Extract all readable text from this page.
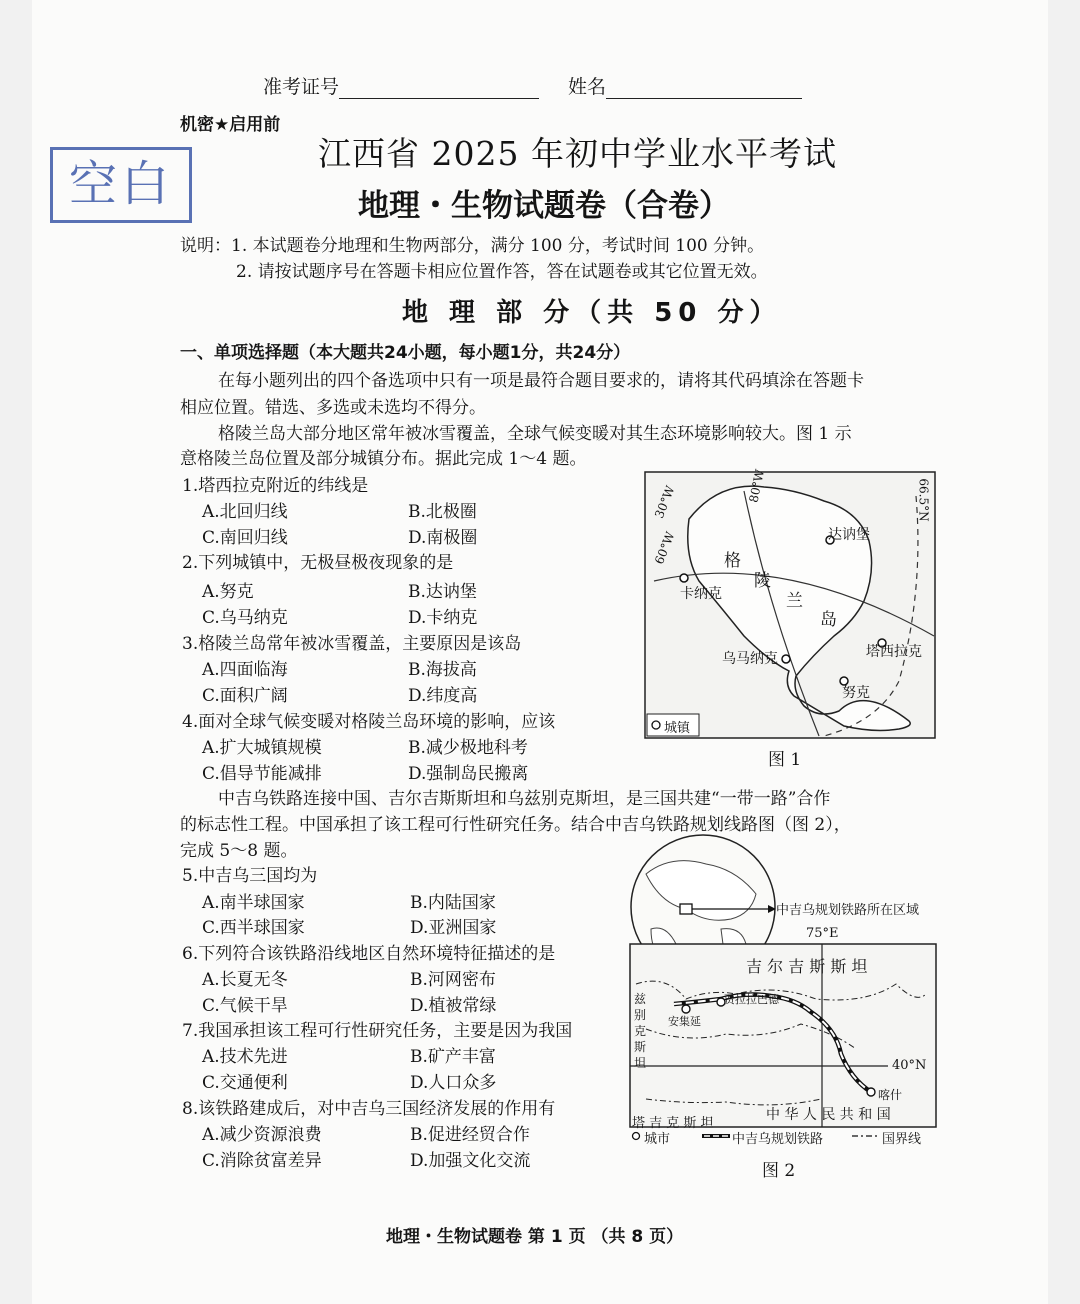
准考证号	姓名
机密★启用前
空白
江西省 2025 年初中学业水平考试
地理・生物试题卷（合卷）
说明：1. 本试题卷分地理和生物两部分，满分 100 分，考试时间 100 分钟。
2. 请按试题序号在答题卡相应位置作答，答在试题卷或其它位置无效。
地 理 部 分（共 50 分）
一、单项选择题（本大题共24小题，每小题1分，共24分）
在每小题列出的四个备选项中只有一项是最符合题目要求的，请将其代码填涂在答题卡
相应位置。错选、多选或未选均不得分。
格陵兰岛大部分地区常年被冰雪覆盖，全球气候变暖对其生态环境影响较大。图 1 示
意格陵兰岛位置及部分城镇分布。据此完成 1～4 题。
1.塔西拉克附近的纬线是
A.北回归线	B.北极圈
C.南回归线	D.南极圈
2.下列城镇中，无极昼极夜现象的是
A.努克	B.达讷堡
C.乌马纳克	D.卡纳克
3.格陵兰岛常年被冰雪覆盖，主要原因是该岛
A.四面临海	B.海拔高
C.面积广阔	D.纬度高
4.面对全球气候变暖对格陵兰岛环境的影响，应该
A.扩大城镇规模	B.减少极地科考
C.倡导节能减排	D.强制岛民搬离
30°W	80°W
60°W
66.5°N
格
陵
兰
岛
达讷堡
卡纳克
塔西拉克
乌马纳克
努克
城镇
图 1
中吉乌铁路连接中国、吉尔吉斯斯坦和乌兹别克斯坦，是三国共建“一带一路”合作
的标志性工程。中国承担了该工程可行性研究任务。结合中吉乌铁路规划线路图（图 2），
完成 5～8 题。
5.中吉乌三国均为
A.南半球国家	B.内陆国家
C.西半球国家	D.亚洲国家
6.下列符合该铁路沿线地区自然环境特征描述的是
A.长夏无冬	B.河网密布
C.气候干旱	D.植被常绿
7.我国承担该工程可行性研究任务，主要是因为我国
A.技术先进	B.矿产丰富
C.交通便利	D.人口众多
8.该铁路建成后，对中吉乌三国经济发展的作用有
A.减少资源浪费	B.促进经贸合作
C.消除贫富差异	D.加强文化交流
中吉乌规划铁路所在区域
75°E
40°N
吉 尔 吉 斯 斯 坦
兹
别
克
斯
坦
塔 吉 克 斯 坦
中 华 人 民 共 和 国
贾拉拉巴德
安集延
喀什
城市	中吉乌规划铁路	国界线
图 2
地理・生物试题卷 第 1 页 （共 8 页）
